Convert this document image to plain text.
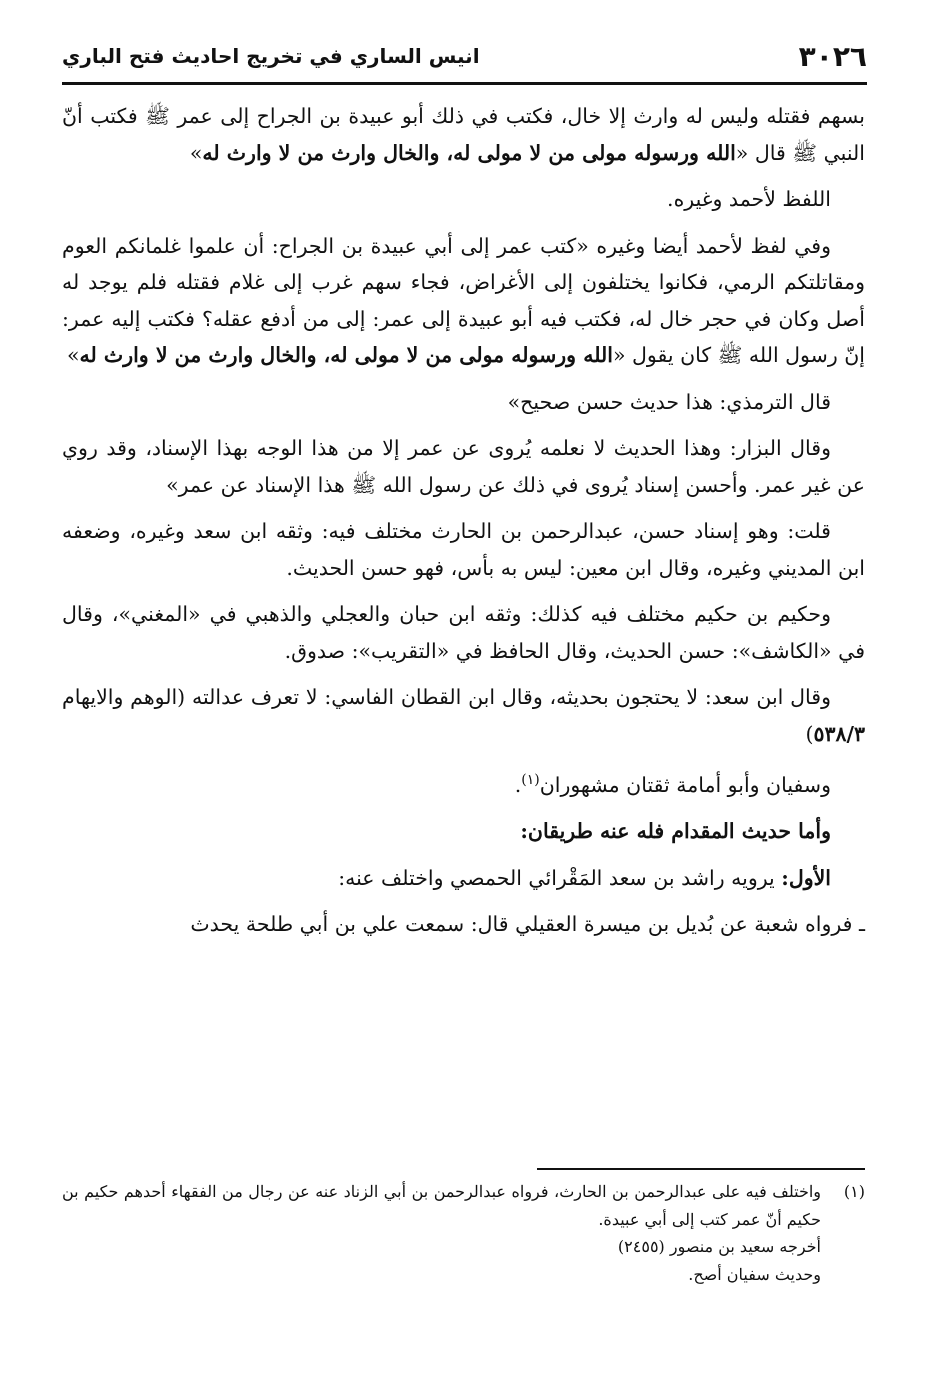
٣٠٢٦
انيس الساري في تخريج احاديث فتح الباري

بسهم فقتله وليس له وارث إلا خال، فكتب في ذلك أبو عبيدة بن الجراح إلى عمر ﷺ فكتب أنّ النبي ﷺ قال «الله ورسوله مولى من لا مولى له، والخال وارث من لا وارث له»

اللفظ لأحمد وغيره.

وفي لفظ لأحمد أيضا وغيره «كتب عمر إلى أبي عبيدة بن الجراح: أن علموا غلمانكم العوم ومقاتلتكم الرمي، فكانوا يختلفون إلى الأغراض، فجاء سهم غرب إلى غلام فقتله فلم يوجد له أصل وكان في حجر خال له، فكتب فيه أبو عبيدة إلى عمر: إلى من أدفع عقله؟ فكتب إليه عمر: إنّ رسول الله ﷺ كان يقول «الله ورسوله مولى من لا مولى له، والخال وارث من لا وارث له»

قال الترمذي: هذا حديث حسن صحيح»

وقال البزار: وهذا الحديث لا نعلمه يُروى عن عمر إلا من هذا الوجه بهذا الإسناد، وقد روي عن غير عمر. وأحسن إسناد يُروى في ذلك عن رسول الله ﷺ هذا الإسناد عن عمر»

قلت: وهو إسناد حسن، عبدالرحمن بن الحارث مختلف فيه: وثقه ابن سعد وغيره، وضعفه ابن المديني وغيره، وقال ابن معين: ليس به بأس، فهو حسن الحديث.

وحكيم بن حكيم مختلف فيه كذلك: وثقه ابن حبان والعجلي والذهبي في «المغني»، وقال في «الكاشف»: حسن الحديث، وقال الحافظ في «التقريب»: صدوق.

وقال ابن سعد: لا يحتجون بحديثه، وقال ابن القطان الفاسي: لا تعرف عدالته (الوهم والايهام ٥٣٨/٣)

وسفيان وأبو أمامة ثقتان مشهوران$^{(١)}$.

وأما حديث المقدام فله عنه طريقان:

الأول: يرويه راشد بن سعد المَقْرائي الحمصي واختلف عنه:

ـ فرواه شعبة عن بُديل بن ميسرة العقيلي قال: سمعت علي بن أبي طلحة يحدث

(١)
واختلف فيه على عبدالرحمن بن الحارث، فرواه عبدالرحمن بن أبي الزناد عنه عن رجال من الفقهاء أحدهم حكيم بن حكيم أنّ عمر كتب إلى أبي عبيدة.
أخرجه سعيد بن منصور (٢٤٥٥)
وحديث سفيان أصح.
